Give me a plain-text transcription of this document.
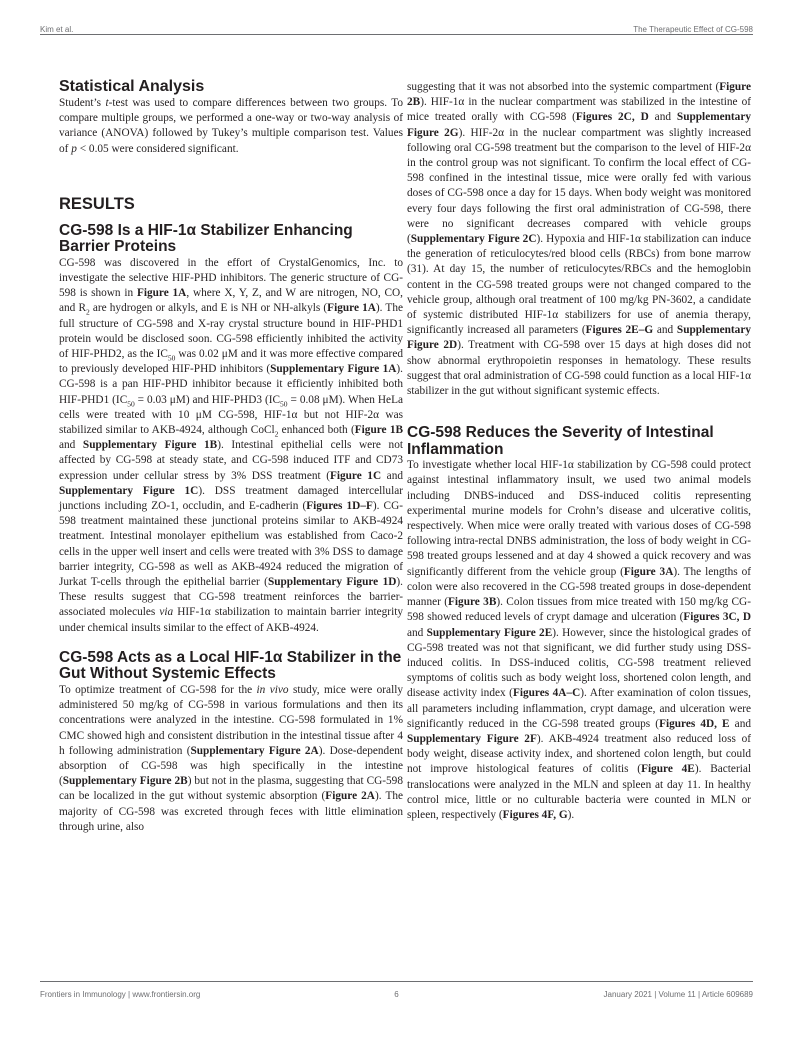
Kim et al.	The Therapeutic Effect of CG-598
Statistical Analysis

Student’s t-test was used to compare differences between two groups. To compare multiple groups, we performed a one-way or two-way analysis of variance (ANOVA) followed by Tukey’s multiple comparison test. Values of p < 0.05 were considered significant.

RESULTS
CG-598 Is a HIF-1α Stabilizer Enhancing Barrier Proteins

CG-598 was discovered in the effort of CrystalGenomics, Inc. to investigate the selective HIF-PHD inhibitors. The generic structure of CG-598 is shown in Figure 1A, where X, Y, Z, and W are nitrogen, NO, CO, and $R_2$ are hydrogen or alkyls, and E is NH or NH-alkyls (Figure 1A). The full structure of CG-598 and X-ray crystal structure bound in HIF-PHD1 protein would be disclosed soon. CG-598 efficiently inhibited the activity of HIF-PHD2, as the $IC_{50}$ was 0.02 μM and it was more effective compared to previously developed HIF-PHD inhibitors (Supplementary Figure 1A). CG-598 is a pan HIF-PHD inhibitor because it efficiently inhibited both HIF-PHD1 ($IC_{50} = 0.03$ μM) and HIF-PHD3 ($IC_{50} = 0.08$ μM). When HeLa cells were treated with 10 μM CG-598, HIF-1α but not HIF-2α was stabilized similar to AKB-4924, although CoCl$_2$ enhanced both (Figure 1B and Supplementary Figure 1B). Intestinal epithelial cells were not affected by CG-598 at steady state, and CG-598 induced ITF and CD73 expression under cellular stress by 3% DSS treatment (Figure 1C and Supplementary Figure 1C). DSS treatment damaged intercellular junctions including ZO-1, occludin, and E-cadherin (Figures 1D–F). CG-598 treatment maintained these junctional proteins similar to AKB-4924 treatment. Intestinal monolayer epithelium was established from Caco-2 cells in the upper well insert and cells were treated with 3% DSS to damage barrier integrity, CG-598 as well as AKB-4924 reduced the migration of Jurkat T-cells through the epithelial barrier (Supplementary Figure 1D). These results suggest that CG-598 treatment reinforces the barrier-associated molecules via HIF-1α stabilization to maintain barrier integrity under chemical insults similar to the effect of AKB-4924.

CG-598 Acts as a Local HIF-1α Stabilizer in the Gut Without Systemic Effects

To optimize treatment of CG-598 for the in vivo study, mice were orally administered 50 mg/kg of CG-598 in various formulations and then its concentrations were analyzed in the intestine. CG-598 formulated in 1% CMC showed high and consistent distribution in the intestinal tissue after 4 h following administration (Supplementary Figure 2A). Dose-dependent absorption of CG-598 was high specifically in the intestine (Supplementary Figure 2B) but not in the plasma, suggesting that CG-598 can be localized in the gut without systemic absorption (Figure 2A). The majority of CG-598 was excreted through feces with little elimination through urine, also

suggesting that it was not absorbed into the systemic compartment (Figure 2B). HIF-1α in the nuclear compartment was stabilized in the intestine of mice treated orally with CG-598 (Figures 2C, D and Supplementary Figure 2G). HIF-2α in the nuclear compartment was slightly increased following oral CG-598 treatment but the comparison to the level of HIF-2α in the control group was not significant. To confirm the local effect of CG-598 confined in the intestinal tissue, mice were orally fed with various doses of CG-598 once a day for 15 days. When body weight was monitored every four days following the first oral administration of CG-598, there were no significant decreases compared with vehicle groups (Supplementary Figure 2C). Hypoxia and HIF-1α stabilization can induce the generation of reticulocytes/red blood cells (RBCs) from bone marrow (31). At day 15, the number of reticulocytes/RBCs and the hemoglobin content in the CG-598 treated groups were not changed compared to the vehicle group, although oral treatment of 100 mg/kg PN-3602, a candidate of systemic distributed HIF-1α stabilizers for use of anemia therapy, significantly increased all parameters (Figures 2E–G and Supplementary Figure 2D). Treatment with CG-598 over 15 days at high doses did not show abnormal erythropoietin responses in hematology. These results suggest that oral administration of CG-598 could function as a local HIF-1α stabilizer in the gut without significant systemic effects.

CG-598 Reduces the Severity of Intestinal Inflammation

To investigate whether local HIF-1α stabilization by CG-598 could protect against intestinal inflammatory insult, we used two animal models including DNBS-induced and DSS-induced colitis representing experimental murine models for Crohn’s disease and ulcerative colitis, respectively. When mice were orally treated with various doses of CG-598 following intra-rectal DNBS administration, the loss of body weight in CG-598 treated groups lessened and at day 4 showed a quick recovery and was significantly different from the vehicle group (Figure 3A). The lengths of colon were also recovered in the CG-598 treated groups in dose-dependent manner (Figure 3B). Colon tissues from mice treated with 150 mg/kg CG-598 showed reduced levels of crypt damage and ulceration (Figures 3C, D and Supplementary Figure 2E). However, since the histological grades of CG-598 treated was not that significant, we did further study using DSS-induced colitis. In DSS-induced colitis, CG-598 treatment relieved symptoms of colitis such as body weight loss, shortened colon length, and disease activity index (Figures 4A–C). After examination of colon tissues, all parameters including inflammation, crypt damage, and ulceration were significantly reduced in the CG-598 treated groups (Figures 4D, E and Supplementary Figure 2F). AKB-4924 treatment also reduced loss of body weight, disease activity index, and shortened colon length, but could not improve histological features of colitis (Figure 4E). Bacterial translocations were analyzed in the MLN and spleen at day 11. In healthy control mice, little or no culturable bacteria were counted in MLN or spleen, respectively (Figures 4F, G).

Frontiers in Immunology | www.frontiersin.org	6	January 2021 | Volume 11 | Article 609689
